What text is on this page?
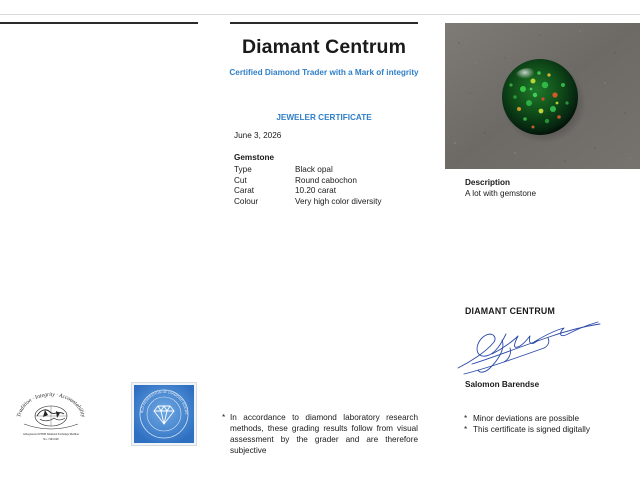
Diamant Centrum
Certified Diamond Trader with a Mark of integrity
JEWELER CERTIFICATE
June 3, 2026
Gemstone
Type	Black opal
Cut	Round cabochon
Carat	10.20 carat
Colour	Very high color diversity
Description
A lot with gemstone
DIAMANT CENTRUM
Salomon Barendse
* Minor deviations are possible
* This certificate is signed digitally
* In accordance to diamond laboratory research methods, these grading results follow from visual assessment by the grader and are therefore subjective
Tradition · Integrity · Accountability
A Registered WFDB Diamond Exchange Member
No. 746/1000
RLD FEDERATION OF DIAMOND BOURS
